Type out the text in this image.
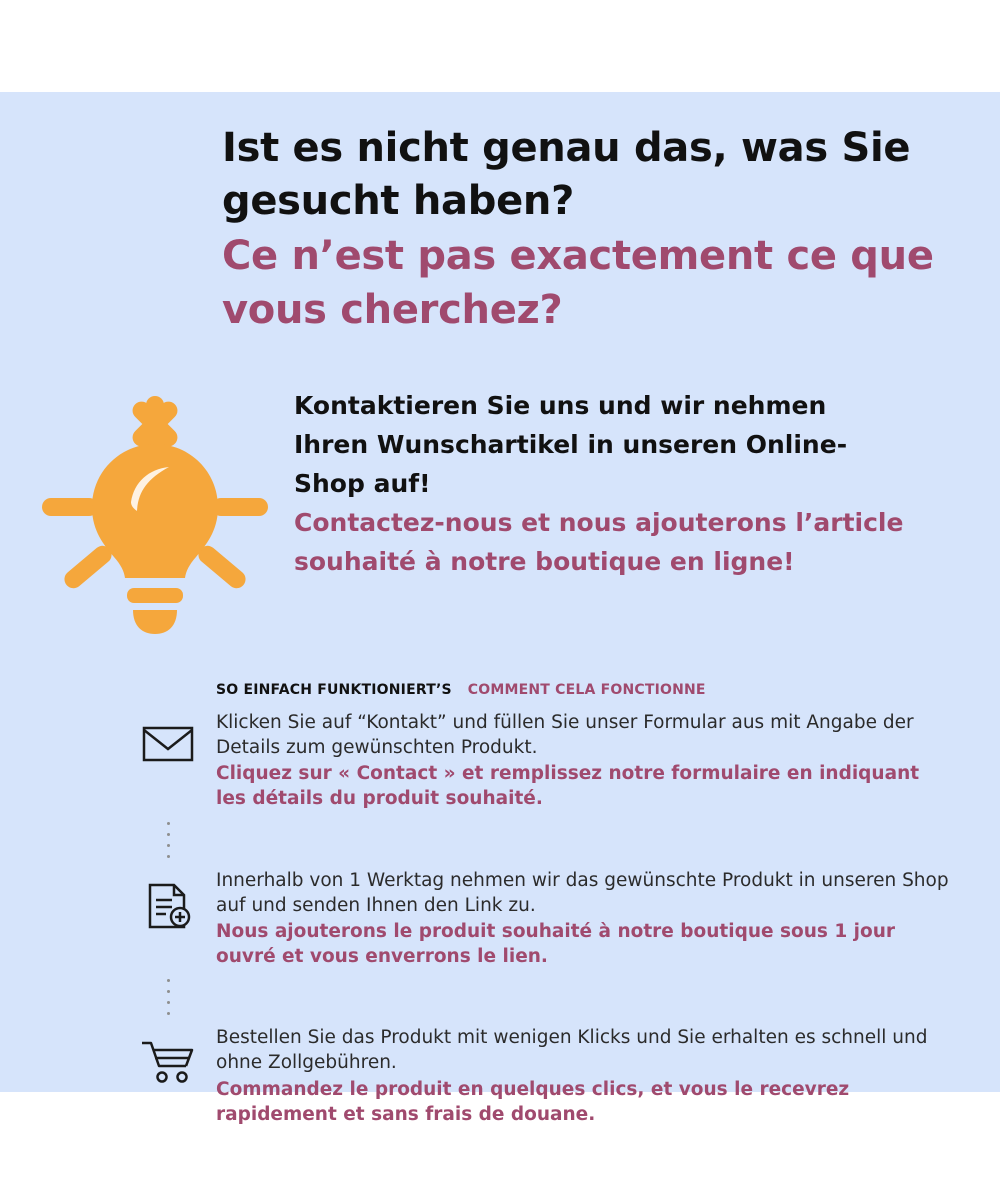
Ist es nicht genau das, was Sie gesucht haben?
Ce n’est pas exactement ce que vous cherchez?
Kontaktieren Sie uns und wir nehmen Ihren Wunschartikel in unseren Online-Shop auf!
Contactez-nous et nous ajouterons l’article souhaité à notre boutique en ligne!
SO EINFACH FUNKTIONIERT’S COMMENT CELA FONCTIONNE
Klicken Sie auf “Kontakt” und füllen Sie unser Formular aus mit Angabe der Details zum gewünschten Produkt.
Cliquez sur « Contact » et remplissez notre formulaire en indiquant les détails du produit souhaité.
Innerhalb von 1 Werktag nehmen wir das gewünschte Produkt in unseren Shop auf und senden Ihnen den Link zu.
Nous ajouterons le produit souhaité à notre boutique sous 1 jour ouvré et vous enverrons le lien.
Bestellen Sie das Produkt mit wenigen Klicks und Sie erhalten es schnell und ohne Zollgebühren.
Commandez le produit en quelques clics, et vous le recevrez rapidement et sans frais de douane.
